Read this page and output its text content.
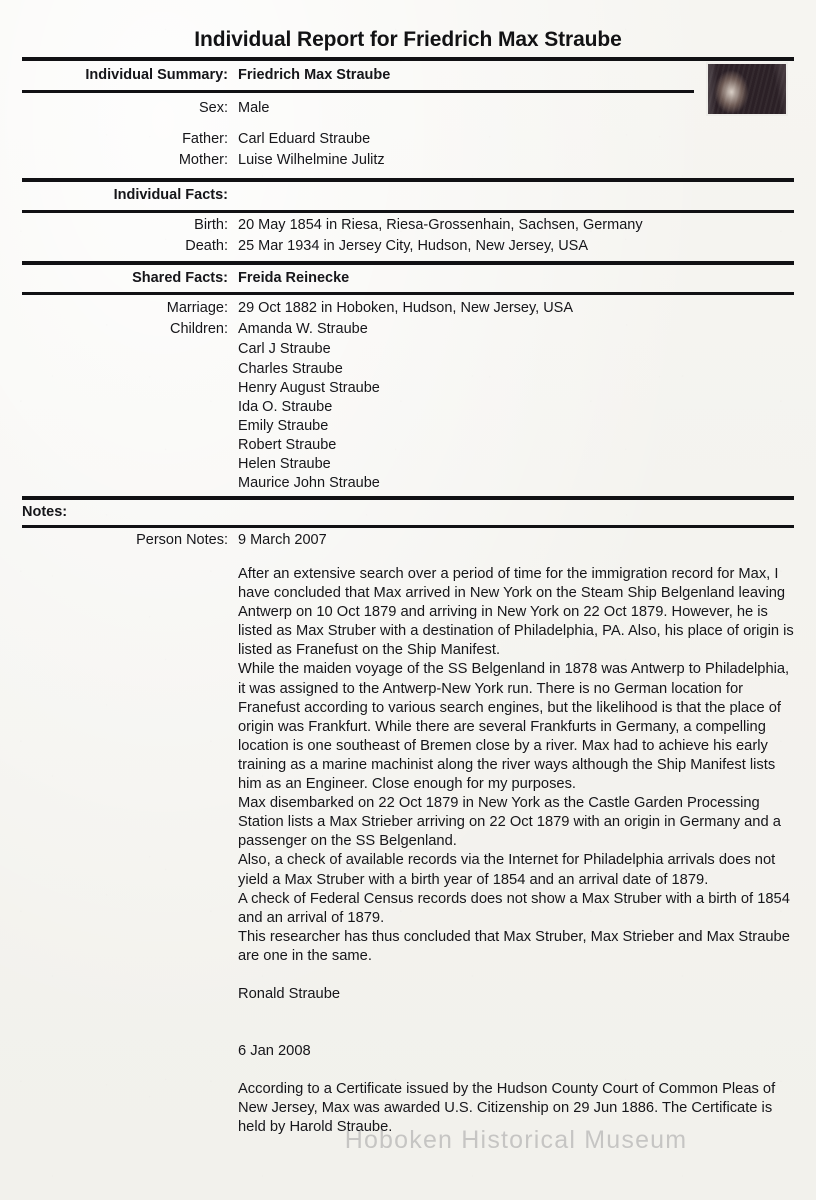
Individual Report for Friedrich Max Straube
Individual Summary: Friedrich Max Straube
Sex: Male
Father: Carl Eduard Straube
Mother: Luise Wilhelmine Julitz
Individual Facts:
Birth: 20 May 1854 in Riesa, Riesa-Grossenhain, Sachsen, Germany
Death: 25 Mar 1934 in Jersey City, Hudson, New Jersey, USA
Shared Facts: Freida Reinecke
Marriage: 29 Oct 1882 in Hoboken, Hudson, New Jersey, USA
Children: Amanda W. Straube
Carl J Straube
Charles Straube
Henry August Straube
Ida O. Straube
Emily Straube
Robert Straube
Helen Straube
Maurice John Straube
Notes:
Person Notes: 9 March 2007

After an extensive search over a period of time for the immigration record for Max, I have concluded that Max arrived in New York on the Steam Ship Belgenland leaving Antwerp on 10 Oct 1879 and arriving in New York on 22 Oct 1879. However, he is listed as Max Struber with a destination of Philadelphia, PA. Also, his place of origin is listed as Franefust on the Ship Manifest.

While the maiden voyage of the SS Belgenland in 1878 was Antwerp to Philadelphia, it was assigned to the Antwerp-New York run. There is no German location for Franefust according to various search engines, but the likelihood is that the place of origin was Frankfurt. While there are several Frankfurts in Germany, a compelling location is one southeast of Bremen close by a river. Max had to achieve his early training as a marine machinist along the river ways although the Ship Manifest lists him as an Engineer. Close enough for my purposes.

Max disembarked on 22 Oct 1879 in New York as the Castle Garden Processing Station lists a Max Strieber arriving on 22 Oct 1879 with an origin in Germany and a passenger on the SS Belgenland.

Also, a check of available records via the Internet for Philadelphia arrivals does not yield a Max Struber with a birth year of 1854 and an arrival date of 1879.

A check of Federal Census records does not show a Max Struber with a birth of 1854 and an arrival of 1879.

This researcher has thus concluded that Max Struber, Max Strieber and Max Straube are one in the same.

Ronald Straube

6 Jan 2008

According to a Certificate issued by the Hudson County Court of Common Pleas of New Jersey, Max was awarded U.S. Citizenship on 29 Jun 1886. The Certificate is held by Harold Straube.

Hoboken Historical Museum
